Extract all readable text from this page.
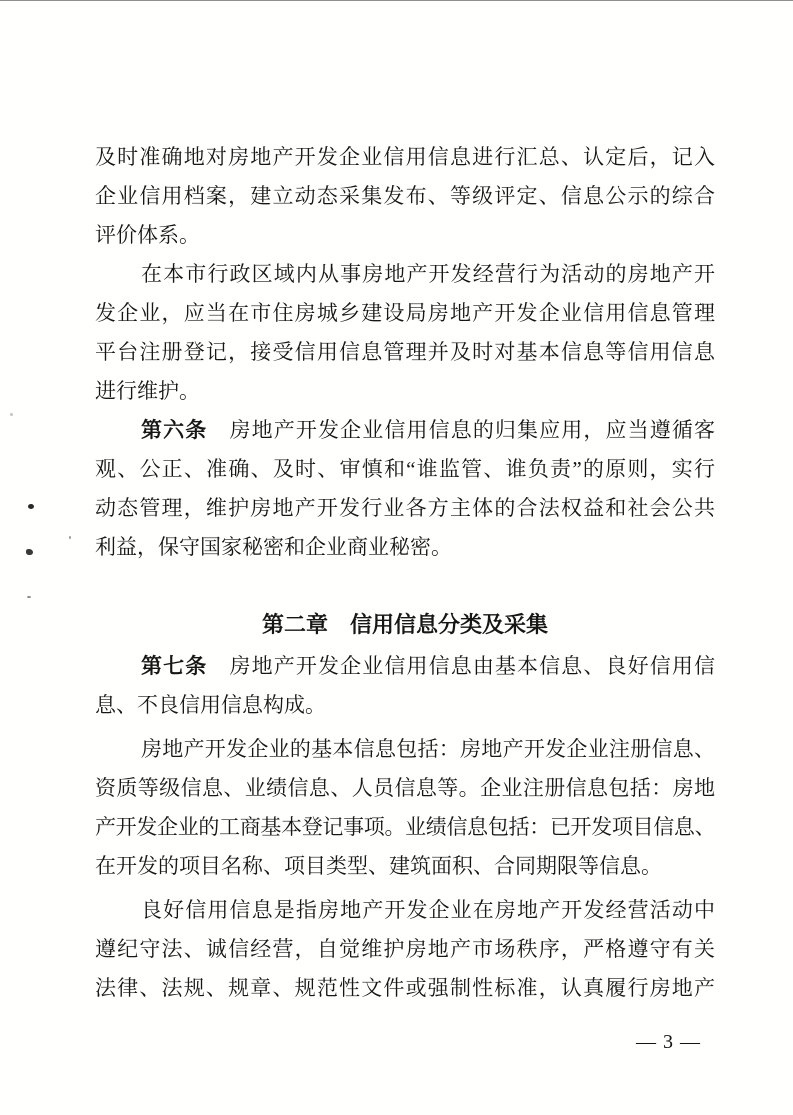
及时准确地对房地产开发企业信用信息进行汇总、认定后，记入
企业信用档案，建立动态采集发布、等级评定、信息公示的综合
评价体系。
在本市行政区域内从事房地产开发经营行为活动的房地产开
发企业，应当在市住房城乡建设局房地产开发企业信用信息管理
平台注册登记，接受信用信息管理并及时对基本信息等信用信息
进行维护。
第六条　房地产开发企业信用信息的归集应用，应当遵循客
观、公正、准确、及时、审慎和“谁监管、谁负责”的原则，实行
动态管理，维护房地产开发行业各方主体的合法权益和社会公共
利益，保守国家秘密和企业商业秘密。
第二章　信用信息分类及采集
第七条　房地产开发企业信用信息由基本信息、良好信用信
息、不良信用信息构成。
房地产开发企业的基本信息包括：房地产开发企业注册信息、
资质等级信息、业绩信息、人员信息等。企业注册信息包括：房地
产开发企业的工商基本登记事项。业绩信息包括：已开发项目信息、
在开发的项目名称、项目类型、建筑面积、合同期限等信息。
良好信用信息是指房地产开发企业在房地产开发经营活动中
遵纪守法、诚信经营，自觉维护房地产市场秩序，严格遵守有关
法律、法规、规章、规范性文件或强制性标准，认真履行房地产
— 3 —
